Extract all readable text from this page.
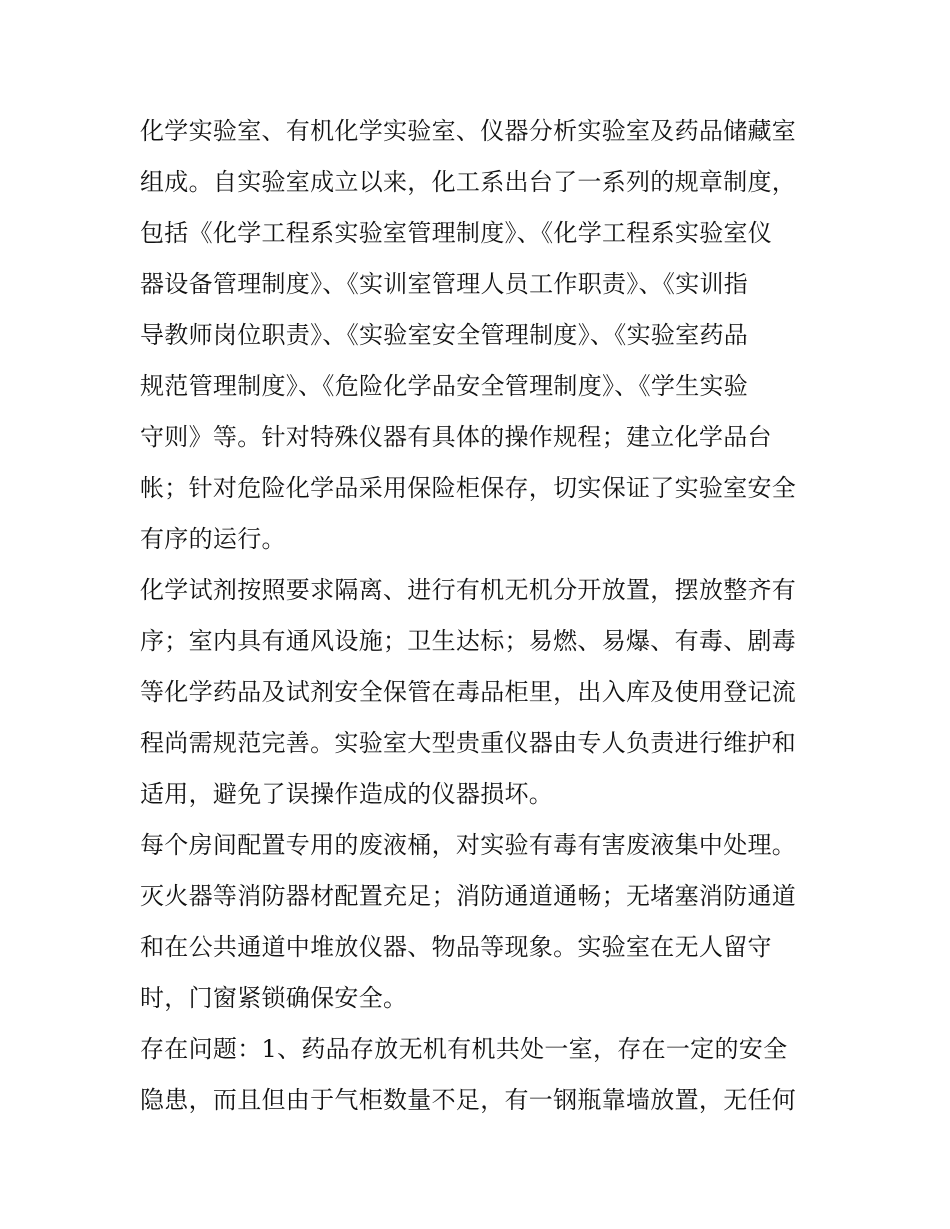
化学实验室、有机化学实验室、仪器分析实验室及药品储藏室
组成。自实验室成立以来，化工系出台了一系列的规章制度，
包括《化学工程系实验室管理制度》、《化学工程系实验室仪
器设备管理制度》、《实训室管理人员工作职责》、《实训指
导教师岗位职责》、《实验室安全管理制度》、《实验室药品
规范管理制度》、《危险化学品安全管理制度》、《学生实验
守则》等。针对特殊仪器有具体的操作规程；建立化学品台
帐；针对危险化学品采用保险柜保存，切实保证了实验室安全
有序的运行。
化学试剂按照要求隔离、进行有机无机分开放置，摆放整齐有
序；室内具有通风设施；卫生达标；易燃、易爆、有毒、剧毒
等化学药品及试剂安全保管在毒品柜里，出入库及使用登记流
程尚需规范完善。实验室大型贵重仪器由专人负责进行维护和
适用，避免了误操作造成的仪器损坏。
每个房间配置专用的废液桶，对实验有毒有害废液集中处理。
灭火器等消防器材配置充足；消防通道通畅；无堵塞消防通道
和在公共通道中堆放仪器、物品等现象。实验室在无人留守
时，门窗紧锁确保安全。
存在问题：1、药品存放无机有机共处一室，存在一定的安全
隐患，而且但由于气柜数量不足，有一钢瓶靠墙放置，无任何
